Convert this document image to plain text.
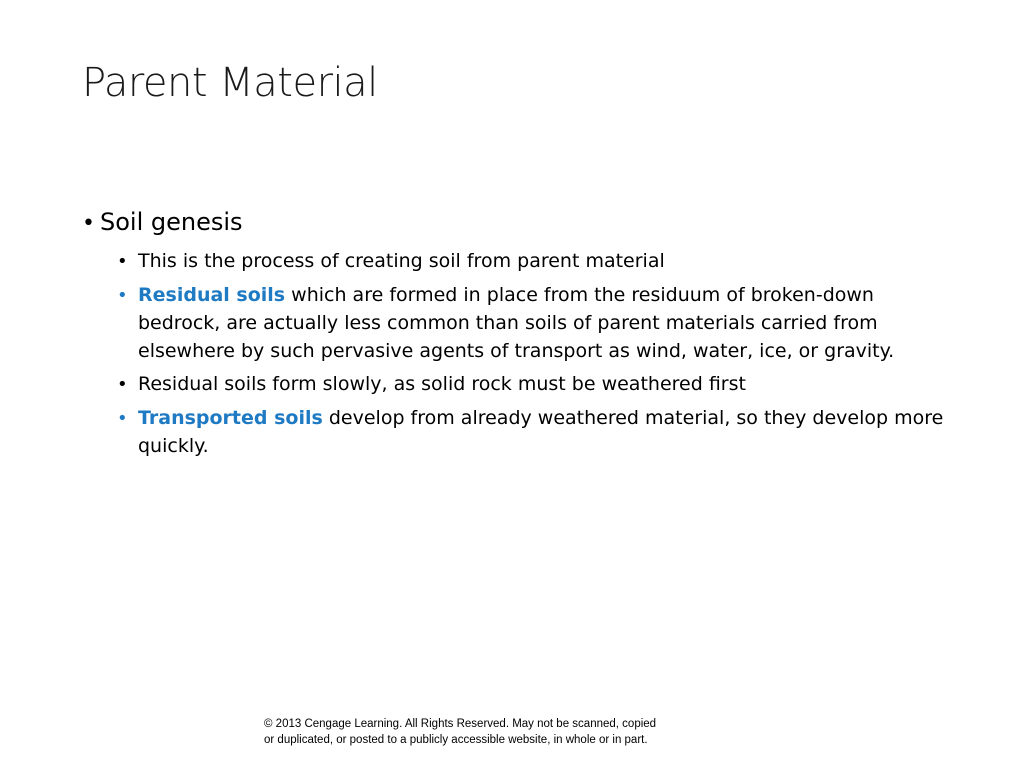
Parent Material
• Soil genesis
• This is the process of creating soil from parent material
• Residual soils which are formed in place from the residuum of broken-down bedrock, are actually less common than soils of parent materials carried from elsewhere by such pervasive agents of transport as wind, water, ice, or gravity.
• Residual soils form slowly, as solid rock must be weathered first
• Transported soils develop from already weathered material, so they develop more quickly.
© 2013 Cengage Learning. All Rights Reserved. May not be scanned, copied
or duplicated, or posted to a publicly accessible website, in whole or in part.
